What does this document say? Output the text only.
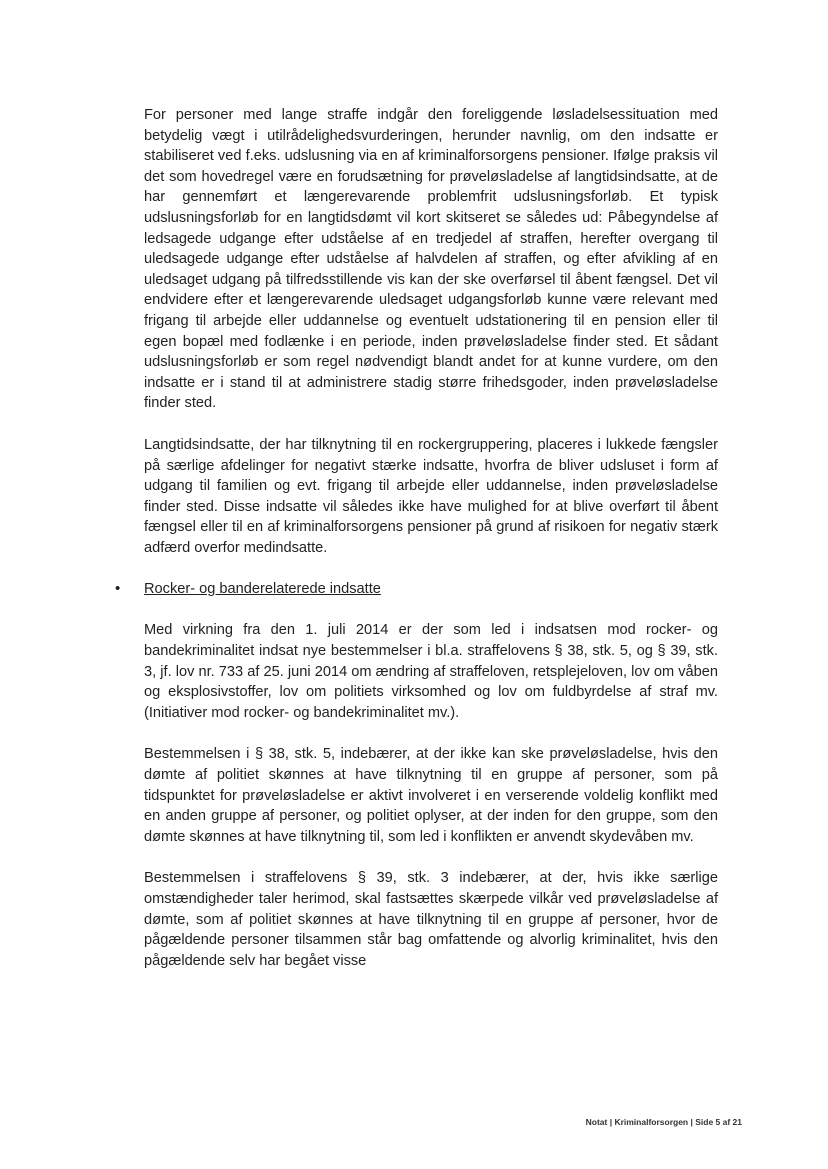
For personer med lange straffe indgår den foreliggende løsladelsessituation med betydelig vægt i utilrådelighedsvurderingen, herunder navnlig, om den indsatte er stabiliseret ved f.eks. udslusning via en af kriminalforsorgens pensioner. Ifølge praksis vil det som hovedregel være en forudsætning for prøveløsladelse af langtidsindsatte, at de har gennemført et længerevarende problemfrit udslusningsforløb. Et typisk udslusningsforløb for en langtidsdømt vil kort skitseret se således ud: Påbegyndelse af ledsagede udgange efter udståelse af en tredjedel af straffen, herefter overgang til uledsagede udgange efter udståelse af halvdelen af straffen, og efter afvikling af en uledsaget udgang på tilfredsstillende vis kan der ske overførsel til åbent fængsel. Det vil endvidere efter et længerevarende uledsaget udgangsforløb kunne være relevant med frigang til arbejde eller uddannelse og eventuelt udstationering til en pension eller til egen bopæl med fodlænke i en periode, inden prøveløsladelse finder sted. Et sådant udslusningsforløb er som regel nødvendigt blandt andet for at kunne vurdere, om den indsatte er i stand til at administrere stadig større frihedsgoder, inden prøveløsladelse finder sted.

Langtidsindsatte, der har tilknytning til en rockergruppering, placeres i lukkede fængsler på særlige afdelinger for negativt stærke indsatte, hvorfra de bliver udsluset i form af udgang til familien og evt. frigang til arbejde eller uddannelse, inden prøveløsladelse finder sted. Disse indsatte vil således ikke have mulighed for at blive overført til åbent fængsel eller til en af kriminalforsorgens pensioner på grund af risikoen for negativ stærk adfærd overfor medindsatte.

• Rocker- og banderelaterede indsatte

Med virkning fra den 1. juli 2014 er der som led i indsatsen mod rocker- og bandekriminalitet indsat nye bestemmelser i bl.a. straffelovens § 38, stk. 5, og § 39, stk. 3, jf. lov nr. 733 af 25. juni 2014 om ændring af straffeloven, retsplejeloven, lov om våben og eksplosivstoffer, lov om politiets virksomhed og lov om fuldbyrdelse af straf mv. (Initiativer mod rocker- og bandekriminalitet mv.).

Bestemmelsen i § 38, stk. 5, indebærer, at der ikke kan ske prøveløsladelse, hvis den dømte af politiet skønnes at have tilknytning til en gruppe af personer, som på tidspunktet for prøveløsladelse er aktivt involveret i en verserende voldelig konflikt med en anden gruppe af personer, og politiet oplyser, at der inden for den gruppe, som den dømte skønnes at have tilknytning til, som led i konflikten er anvendt skydevåben mv.

Bestemmelsen i straffelovens § 39, stk. 3 indebærer, at der, hvis ikke særlige omstændigheder taler herimod, skal fastsættes skærpede vilkår ved prøveløsladelse af dømte, som af politiet skønnes at have tilknytning til en gruppe af personer, hvor de pågældende personer tilsammen står bag omfattende og alvorlig kriminalitet, hvis den pågældende selv har begået visse

Notat | Kriminalforsorgen | Side 5 af 21
